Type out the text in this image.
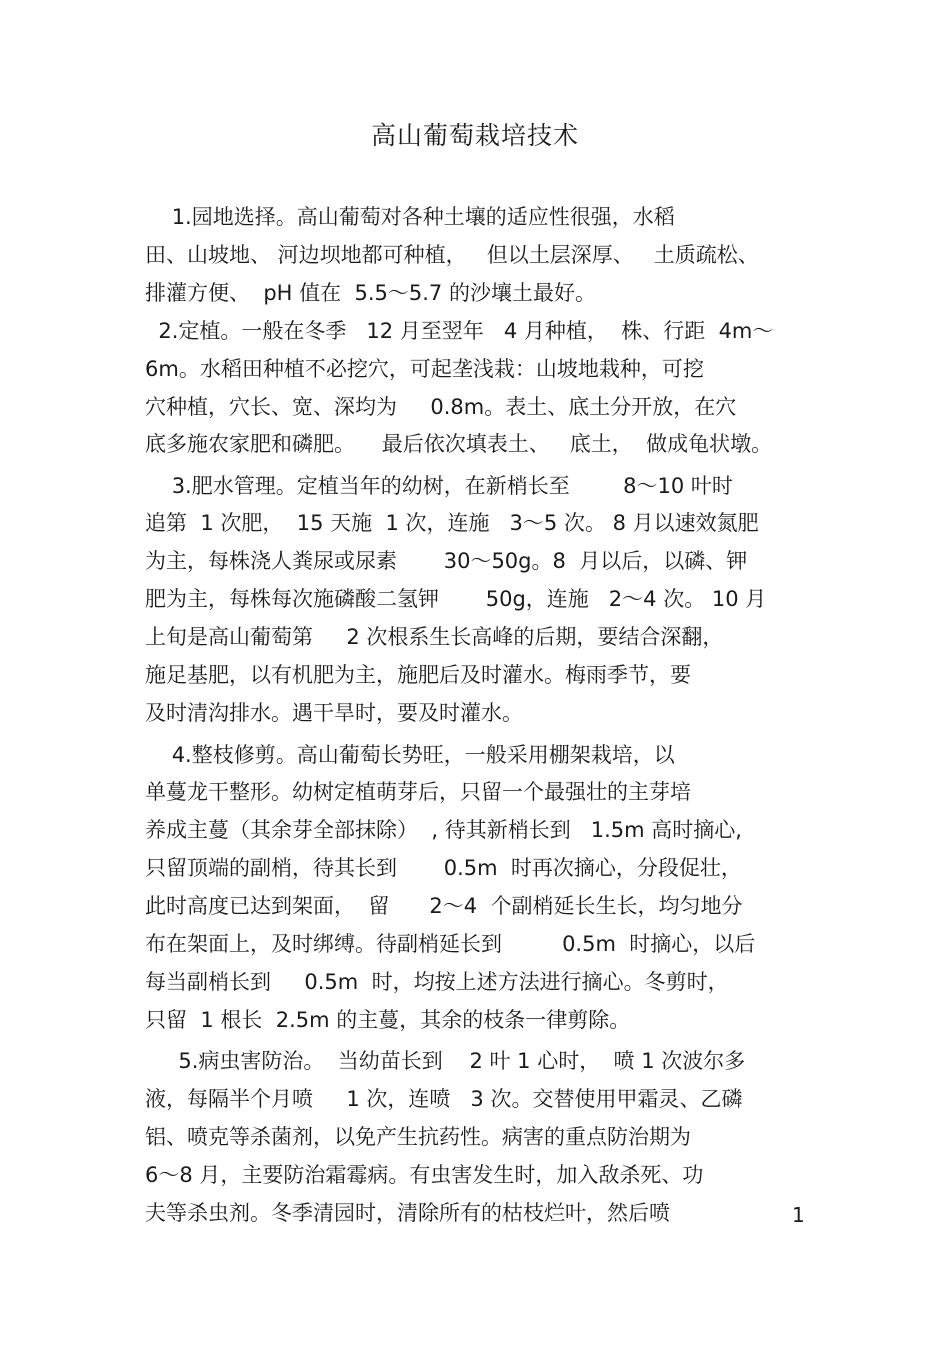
高山葡萄栽培技术
1.园地选择。高山葡萄对各种土壤的适应性很强，水稻
田、山坡地、 河边坝地都可种植，   但以土层深厚、   土质疏松、
排灌方便、  pH 值在  5.5～5.7 的沙壤土最好。
2.定植。一般在冬季   12 月至翌年   4 月种植，  株、行距  4m～
6m。水稻田种植不必挖穴，可起垄浅栽：山坡地栽种，可挖
穴种植，穴长、宽、深均为     0.8m。表土、底土分开放，在穴
底多施农家肥和磷肥。    最后依次填表土、   底土，  做成龟状墩。
3.肥水管理。定植当年的幼树，在新梢长至        8～10 叶时
追第  1 次肥，  15 天施  1 次，连施   3～5 次。 8 月以速效氮肥
为主，每株浇人粪尿或尿素       30～50g。8  月以后，以磷、钾
肥为主，每株每次施磷酸二氢钾       50g，连施   2～4 次。 10 月
上旬是高山葡萄第     2 次根系生长高峰的后期，要结合深翻，
施足基肥，以有机肥为主，施肥后及时灌水。梅雨季节，要
及时清沟排水。遇干旱时，要及时灌水。
4.整枝修剪。高山葡萄长势旺，一般采用棚架栽培，以
单蔓龙干整形。幼树定植萌芽后，只留一个最强壮的主芽培
养成主蔓（其余芽全部抹除）  , 待其新梢长到   1.5m 高时摘心,
只留顶端的副梢，待其长到       0.5m  时再次摘心，分段促壮，
此时高度已达到架面，  留      2～4  个副梢延长生长，均匀地分
布在架面上，及时绑缚。待副梢延长到         0.5m  时摘心，以后
每当副梢长到     0.5m  时，均按上述方法进行摘心。冬剪时，
只留  1 根长  2.5m 的主蔓，其余的枝条一律剪除。
5.病虫害防治。  当幼苗长到    2 叶 1 心时，  喷 1 次波尔多
液，每隔半个月喷     1 次，连喷   3 次。交替使用甲霜灵、乙磷
铝、喷克等杀菌剂，以免产生抗药性。病害的重点防治期为
6～8 月，主要防治霜霉病。有虫害发生时，加入敌杀死、功
夫等杀虫剂。冬季清园时，清除所有的枯枝烂叶，然后喷	1
